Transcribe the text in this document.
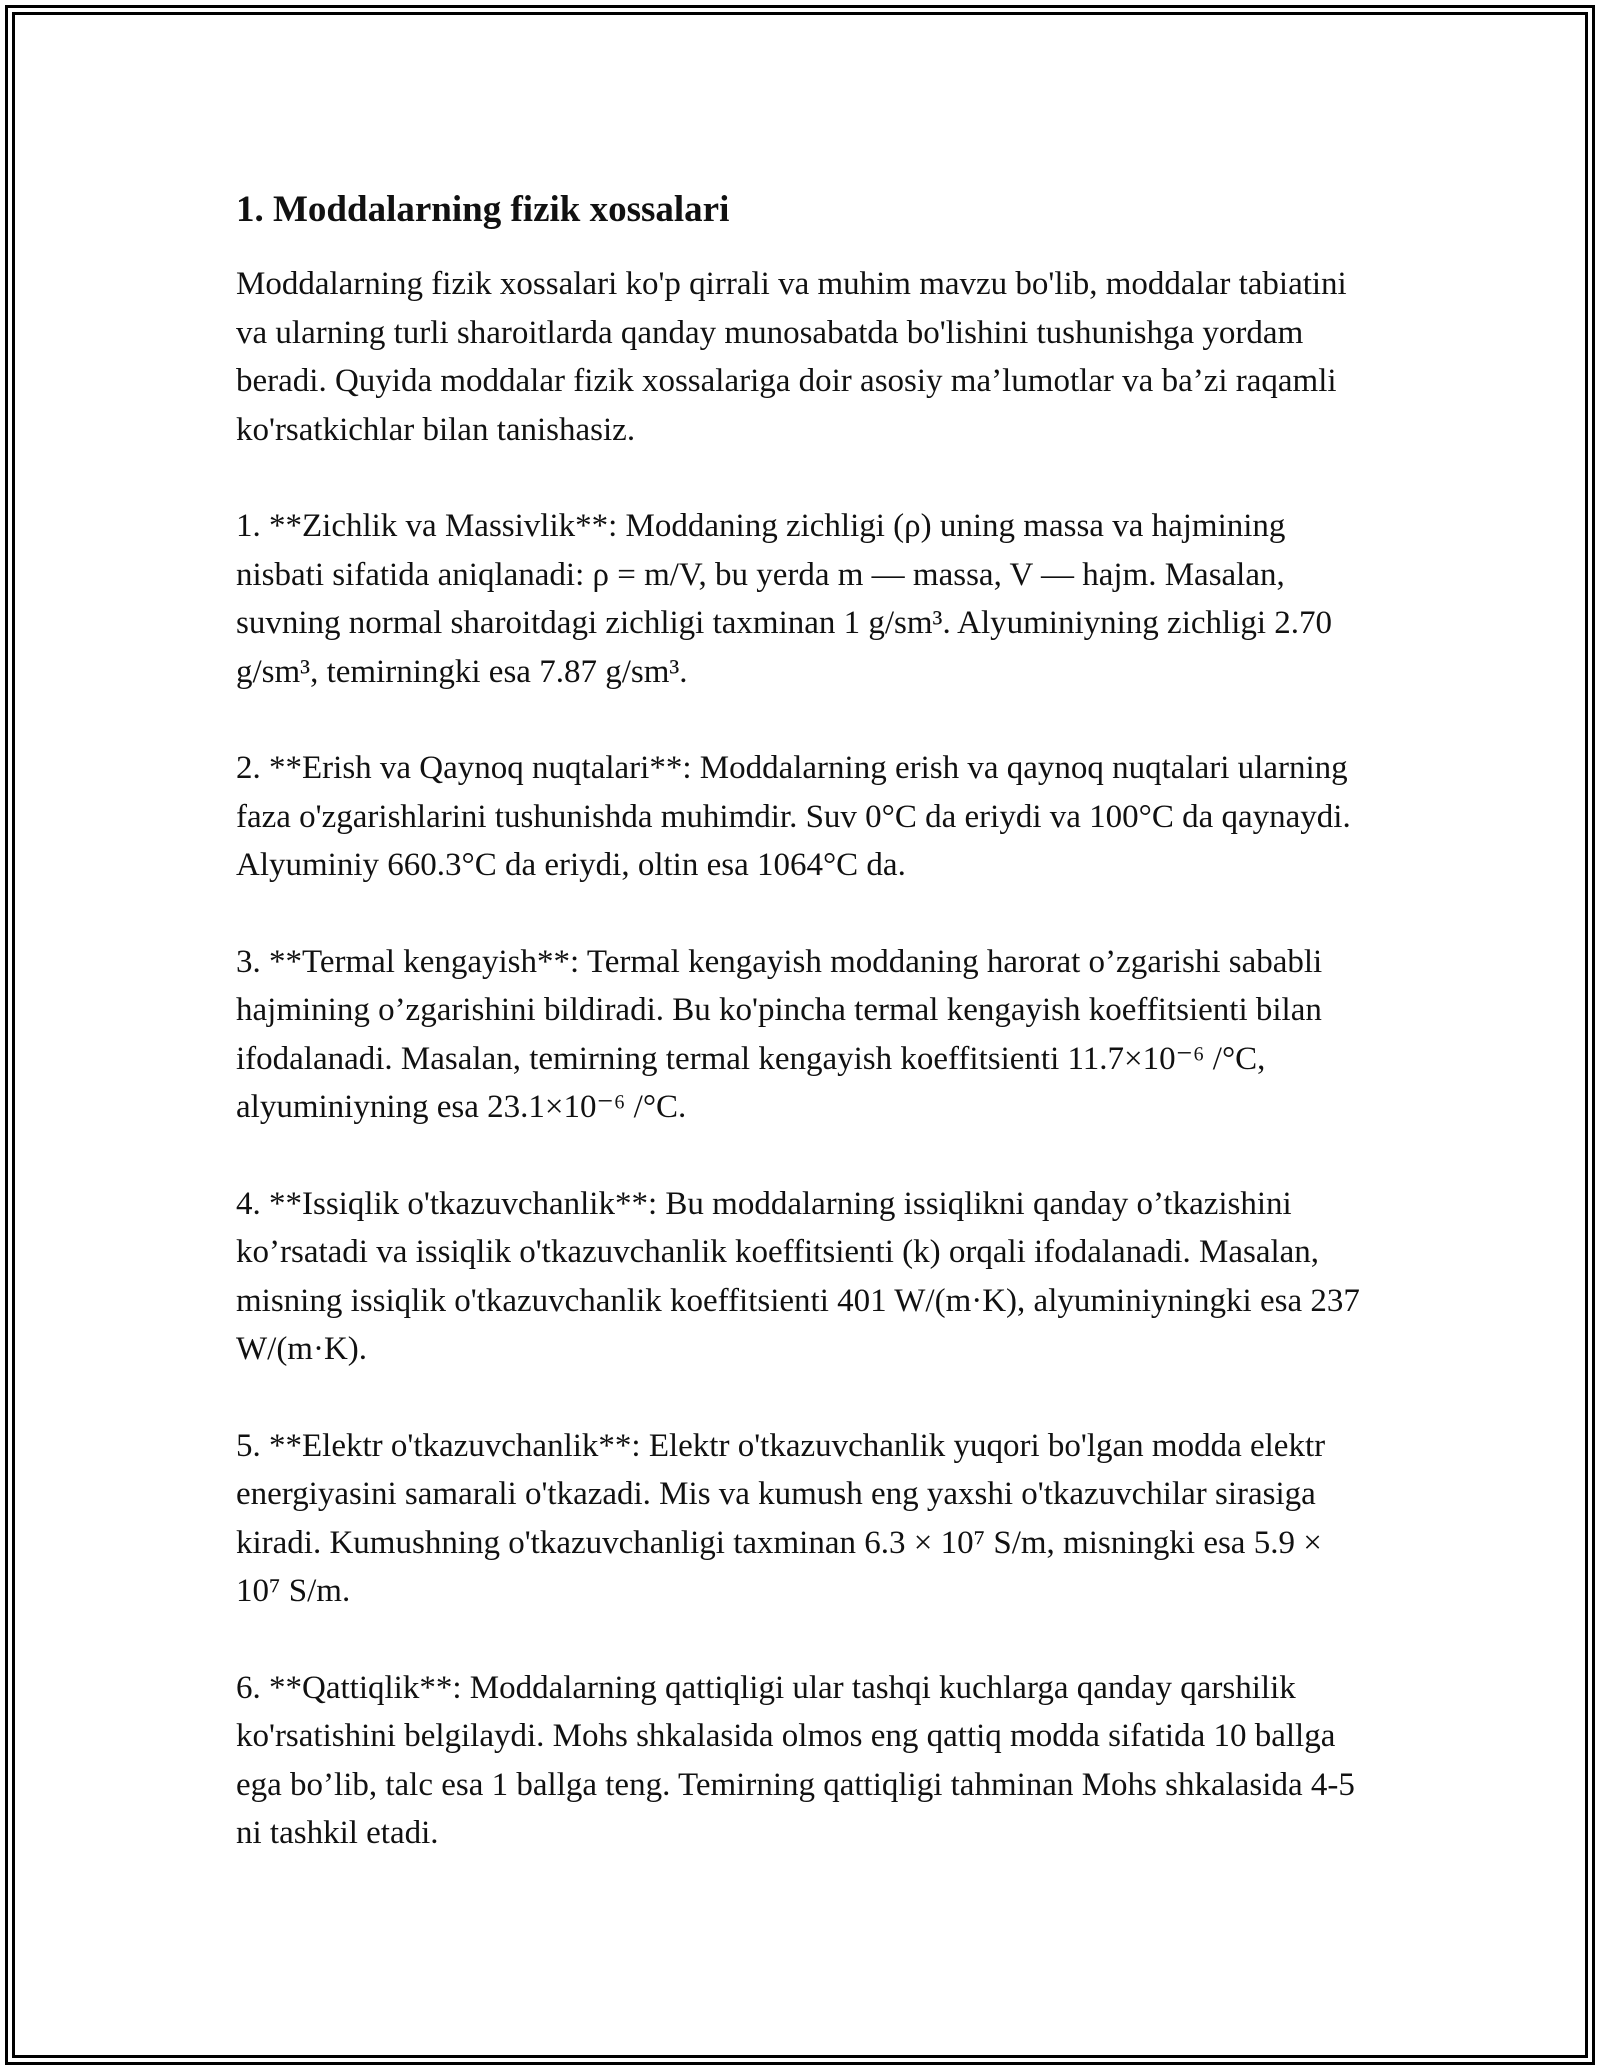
1. Moddalarning fizik xossalari

Moddalarning fizik xossalari ko'p qirrali va muhim mavzu bo'lib, moddalar tabiatini va ularning turli sharoitlarda qanday munosabatda bo'lishini tushunishga yordam beradi. Quyida moddalar fizik xossalariga doir asosiy ma’lumotlar va ba’zi raqamli ko'rsatkichlar bilan tanishasiz.

1. **Zichlik va Massivlik**: Moddaning zichligi (ρ) uning massa va hajmining nisbati sifatida aniqlanadi: ρ = m/V, bu yerda m — massa, V — hajm. Masalan, suvning normal sharoitdagi zichligi taxminan 1 g/sm³. Alyuminiyning zichligi 2.70 g/sm³, temirningki esa 7.87 g/sm³.

2. **Erish va Qaynoq nuqtalari**: Moddalarning erish va qaynoq nuqtalari ularning faza o'zgarishlarini tushunishda muhimdir. Suv 0°C da eriydi va 100°C da qaynaydi. Alyuminiy 660.3°C da eriydi, oltin esa 1064°C da.

3. **Termal kengayish**: Termal kengayish moddaning harorat o’zgarishi sababli hajmining o’zgarishini bildiradi. Bu ko'pincha termal kengayish koeffitsienti bilan ifodalanadi. Masalan, temirning termal kengayish koeffitsienti 11.7×10⁻⁶ /°C, alyuminiyning esa 23.1×10⁻⁶ /°C.

4. **Issiqlik o'tkazuvchanlik**: Bu moddalarning issiqlikni qanday o’tkazishini ko’rsatadi va issiqlik o'tkazuvchanlik koeffitsienti (k) orqali ifodalanadi. Masalan, misning issiqlik o'tkazuvchanlik koeffitsienti 401 W/(m·K), alyuminiyningki esa 237 W/(m·K).

5. **Elektr o'tkazuvchanlik**: Elektr o'tkazuvchanlik yuqori bo'lgan modda elektr energiyasini samarali o'tkazadi. Mis va kumush eng yaxshi o'tkazuvchilar sirasiga kiradi. Kumushning o'tkazuvchanligi taxminan 6.3 × 10⁷ S/m, misningki esa 5.9 × 10⁷ S/m.

6. **Qattiqlik**: Moddalarning qattiqligi ular tashqi kuchlarga qanday qarshilik ko'rsatishini belgilaydi. Mohs shkalasida olmos eng qattiq modda sifatida 10 ballga ega bo’lib, talc esa 1 ballga teng. Temirning qattiqligi tahminan Mohs shkalasida 4-5 ni tashkil etadi.
